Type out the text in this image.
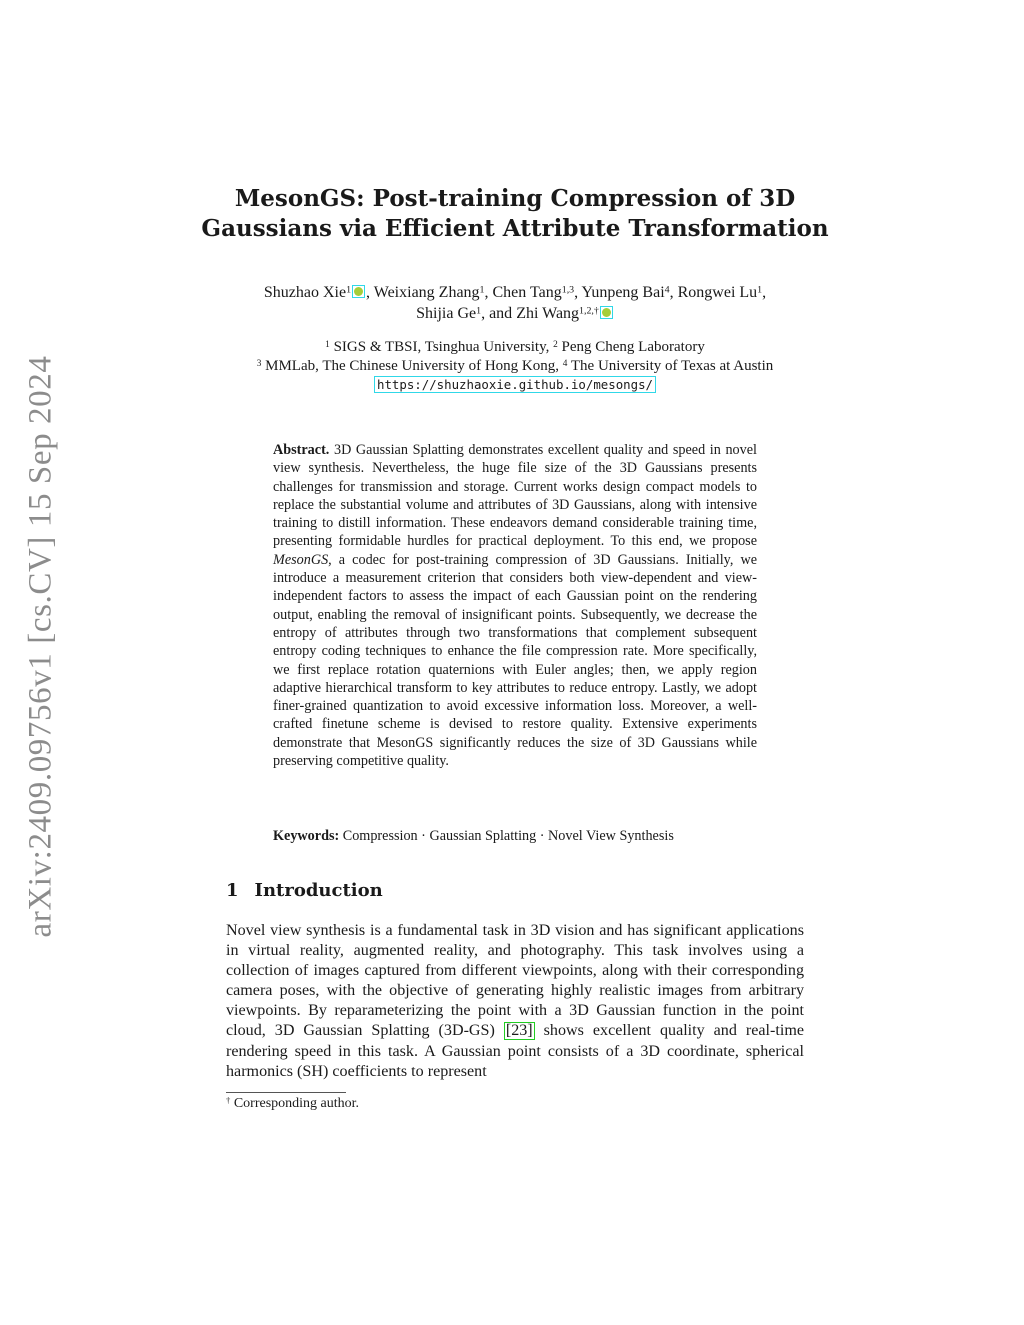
arXiv:2409.09756v1 [cs.CV] 15 Sep 2024
MesonGS: Post-training Compression of 3D
Gaussians via Efficient Attribute Transformation
Shuzhao Xie$^1$ , Weixiang Zhang$^1$, Chen Tang$^{1,3}$, Yunpeng Bai$^4$, Rongwei Lu$^1$,
Shijia Ge$^1$, and Zhi Wang$^{1,2,\dagger}$
$^1$ SIGS & TBSI, Tsinghua University, $^2$ Peng Cheng Laboratory
$^3$ MMLab, The Chinese University of Hong Kong, $^4$ The University of Texas at Austin
https://shuzhaoxie.github.io/mesongs/

Abstract. 3D Gaussian Splatting demonstrates excellent quality and speed in novel view synthesis. Nevertheless, the huge file size of the 3D Gaussians presents challenges for transmission and storage. Current works design compact models to replace the substantial volume and attributes of 3D Gaussians, along with intensive training to distill information. These endeavors demand considerable training time, presenting formidable hurdles for practical deployment. To this end, we propose MesonGS, a codec for post-training compression of 3D Gaussians. Initially, we introduce a measurement criterion that considers both view-dependent and view-independent factors to assess the impact of each Gaussian point on the rendering output, enabling the removal of insignificant points. Subsequently, we decrease the entropy of attributes through two transformations that complement subsequent entropy coding techniques to enhance the file compression rate. More specifically, we first replace rotation quaternions with Euler angles; then, we apply region adaptive hierarchical transform to key attributes to reduce entropy. Lastly, we adopt finer-grained quantization to avoid excessive information loss. Moreover, a well-crafted finetune scheme is devised to restore quality. Extensive experiments demonstrate that MesonGS significantly reduces the size of 3D Gaussians while preserving competitive quality.

Keywords: Compression · Gaussian Splatting · Novel View Synthesis

1 Introduction

Novel view synthesis is a fundamental task in 3D vision and has significant applications in virtual reality, augmented reality, and photography. This task involves using a collection of images captured from different viewpoints, along with their corresponding camera poses, with the objective of generating highly realistic images from arbitrary viewpoints. By reparameterizing the point with a 3D Gaussian function in the point cloud, 3D Gaussian Splatting (3D-GS) [23] shows excellent quality and real-time rendering speed in this task. A Gaussian point consists of a 3D coordinate, spherical harmonics (SH) coefficients to represent

† Corresponding author.
